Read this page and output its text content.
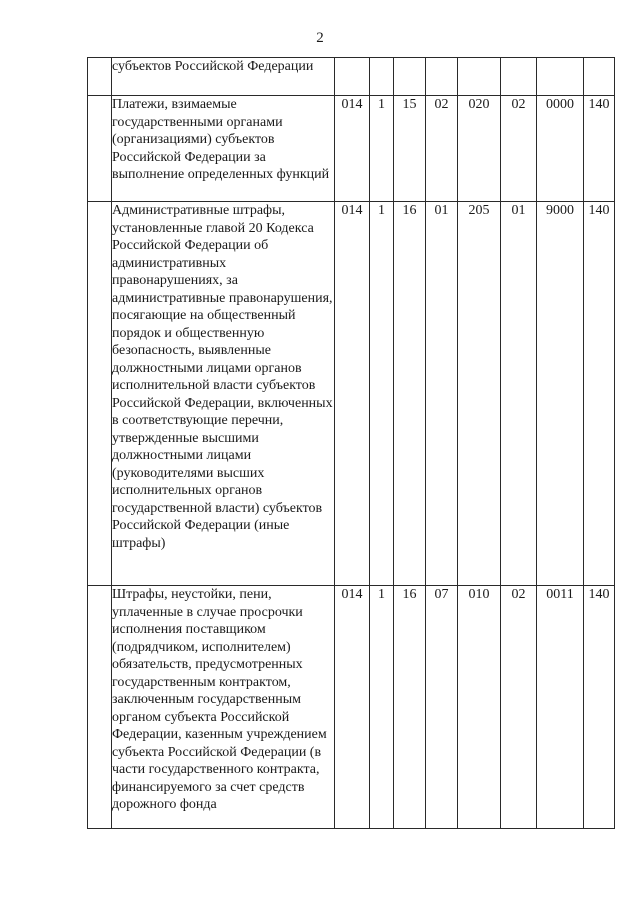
2
	субъектов Российской Федерации								
	Платежи, взимаемые государственными органами (организациями) субъектов Российской Федерации за выполнение определенных функций	014	1	15	02	020	02	0000	140
	Административные штрафы, установленные главой 20 Кодекса Российской Федерации об административных правонарушениях, за административные правонарушения, посягающие на общественный порядок и общественную безопасность, выявленные должностными лицами органов исполнительной власти субъектов Российской Федерации, включенных в соответствующие перечни, утвержденные высшими должностными лицами (руководителями высших исполнительных органов государственной власти) субъектов Российской Федерации (иные штрафы)	014	1	16	01	205	01	9000	140
	Штрафы, неустойки, пени, уплаченные в случае просрочки исполнения поставщиком (подрядчиком, исполнителем) обязательств, предусмотренных государственным контрактом, заключенным государственным органом субъекта Российской Федерации, казенным учреждением субъекта Российской Федерации (в части государственного контракта, финансируемого за счет средств дорожного фонда	014	1	16	07	010	02	0011	140
